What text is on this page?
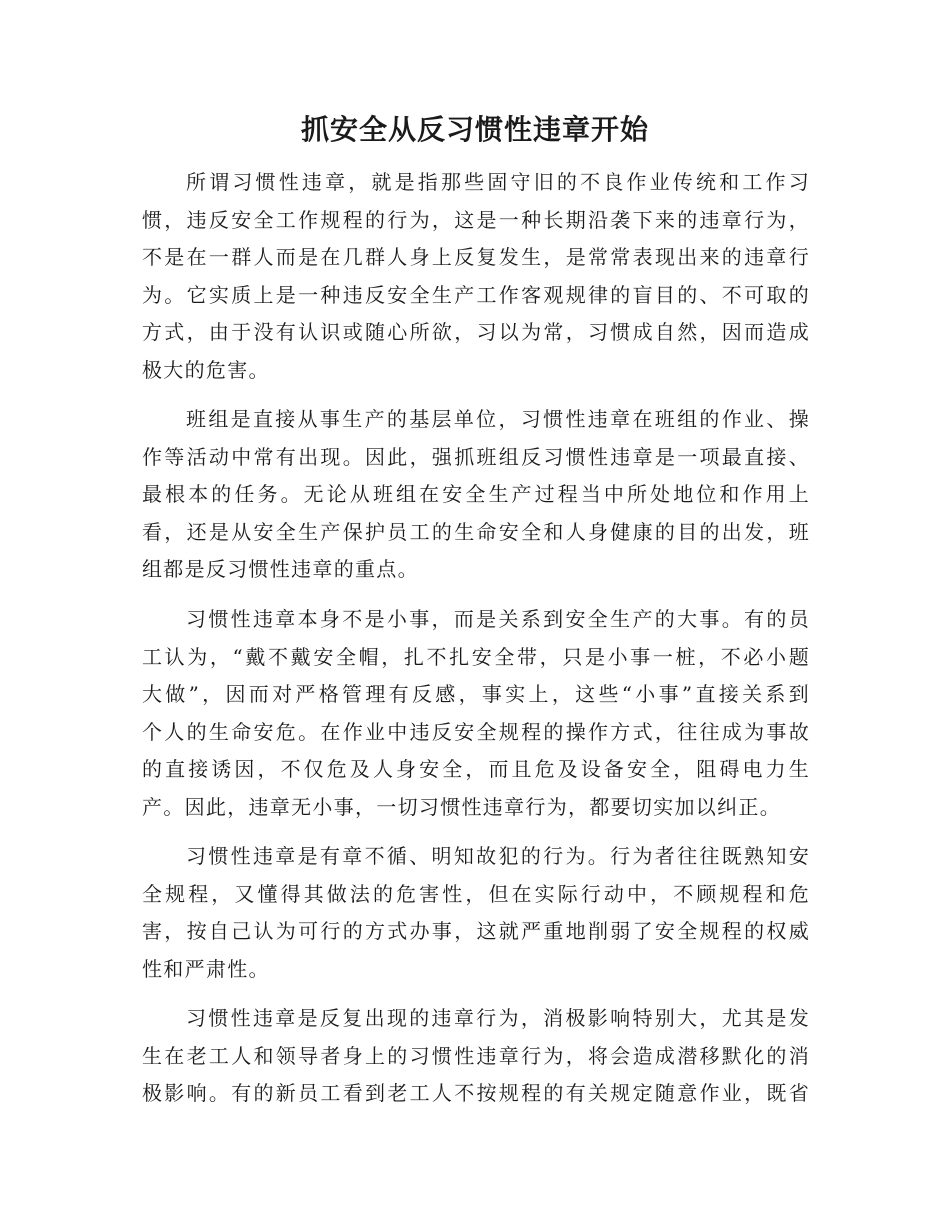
抓安全从反习惯性违章开始
所谓习惯性违章，就是指那些固守旧的不良作业传统和工作习
惯，违反安全工作规程的行为，这是一种长期沿袭下来的违章行为，
不是在一群人而是在几群人身上反复发生，是常常表现出来的违章行
为。它实质上是一种违反安全生产工作客观规律的盲目的、不可取的
方式，由于没有认识或随心所欲，习以为常，习惯成自然，因而造成
极大的危害。
班组是直接从事生产的基层单位，习惯性违章在班组的作业、操
作等活动中常有出现。因此，强抓班组反习惯性违章是一项最直接、
最根本的任务。无论从班组在安全生产过程当中所处地位和作用上
看，还是从安全生产保护员工的生命安全和人身健康的目的出发，班
组都是反习惯性违章的重点。
习惯性违章本身不是小事，而是关系到安全生产的大事。有的员
工认为，“戴不戴安全帽，扎不扎安全带，只是小事一桩，不必小题
大做”，因而对严格管理有反感，事实上，这些“小事”直接关系到
个人的生命安危。在作业中违反安全规程的操作方式，往往成为事故
的直接诱因，不仅危及人身安全，而且危及设备安全，阻碍电力生
产。因此，违章无小事，一切习惯性违章行为，都要切实加以纠正。
习惯性违章是有章不循、明知故犯的行为。行为者往往既熟知安
全规程，又懂得其做法的危害性，但在实际行动中，不顾规程和危
害，按自己认为可行的方式办事，这就严重地削弱了安全规程的权威
性和严肃性。
习惯性违章是反复出现的违章行为，消极影响特别大，尤其是发
生在老工人和领导者身上的习惯性违章行为，将会造成潜移默化的消
极影响。有的新员工看到老工人不按规程的有关规定随意作业，既省
